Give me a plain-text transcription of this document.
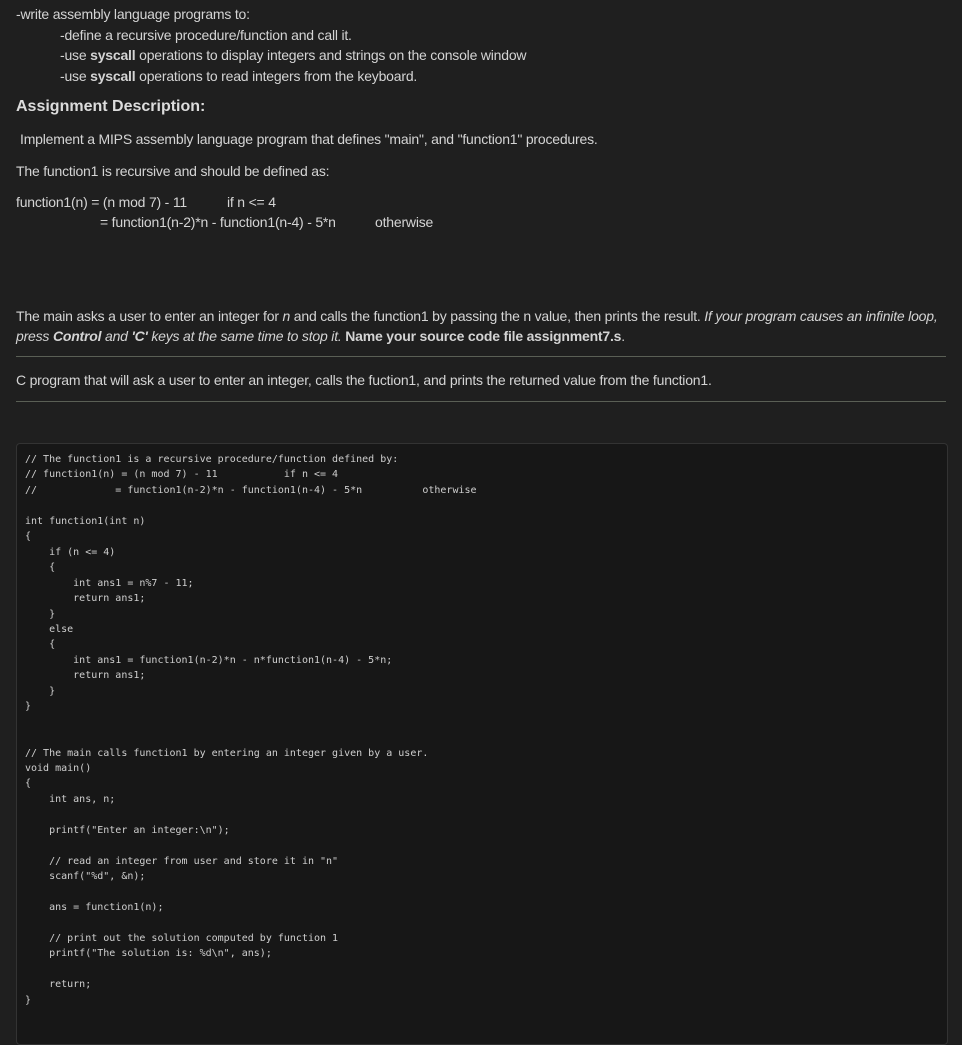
-write assembly language programs to:
-define a recursive procedure/function and call it.
-use syscall operations to display integers and strings on the console window
-use syscall operations to read integers from the keyboard.
Assignment Description:
Implement a MIPS assembly language program that defines "main", and "function1" procedures.
The function1 is recursive and should be defined as:
function1(n) = (n mod 7) - 11	if n <= 4
= function1(n-2)*n - function1(n-4) - 5*n	otherwise
The main asks a user to enter an integer for n and calls the function1 by passing the n value, then prints the result. If your program causes an infinite loop,
press Control and 'C' keys at the same time to stop it. Name your source code file assignment7.s.
C program that will ask a user to enter an integer, calls the fuction1, and prints the returned value from the function1.
// The function1 is a recursive procedure/function defined by:
// function1(n) = (n mod 7) - 11           if n <= 4
//             = function1(n-2)*n - function1(n-4) - 5*n          otherwise
int function1(int n)
{
if (n <= 4)
{
int ans1 = n%7 - 11;
return ans1;
}
else
{
int ans1 = function1(n-2)*n - n*function1(n-4) - 5*n;
return ans1;
}
}
// The main calls function1 by entering an integer given by a user.
void main()
{
int ans, n;
printf("Enter an integer:\n");
// read an integer from user and store it in "n"
scanf("%d", &n);
ans = function1(n);
// print out the solution computed by function 1
printf("The solution is: %d\n", ans);
return;
}
